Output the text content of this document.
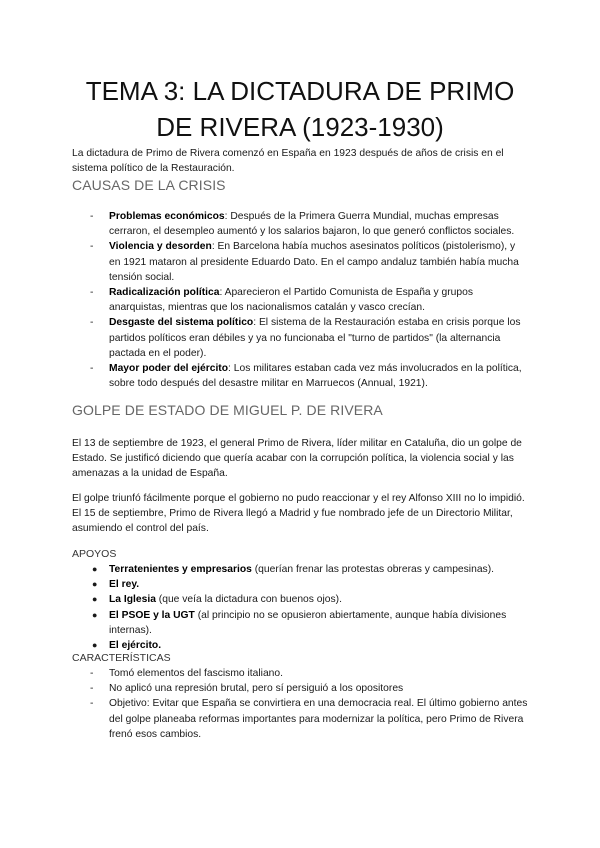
TEMA 3: LA DICTADURA DE PRIMO
DE RIVERA (1923-1930)

La dictadura de Primo de Rivera comenzó en España en 1923 después de años de crisis en el sistema político de la Restauración.

CAUSAS DE LA CRISIS
- Problemas económicos: Después de la Primera Guerra Mundial, muchas empresas cerraron, el desempleo aumentó y los salarios bajaron, lo que generó conflictos sociales.
- Violencia y desorden: En Barcelona había muchos asesinatos políticos (pistolerismo), y en 1921 mataron al presidente Eduardo Dato. En el campo andaluz también había mucha tensión social.
- Radicalización política: Aparecieron el Partido Comunista de España y grupos anarquistas, mientras que los nacionalismos catalán y vasco crecían.
- Desgaste del sistema político: El sistema de la Restauración estaba en crisis porque los partidos políticos eran débiles y ya no funcionaba el "turno de partidos" (la alternancia pactada en el poder).
- Mayor poder del ejército: Los militares estaban cada vez más involucrados en la política, sobre todo después del desastre militar en Marruecos (Annual, 1921).
GOLPE DE ESTADO DE MIGUEL P. DE RIVERA

El 13 de septiembre de 1923, el general Primo de Rivera, líder militar en Cataluña, dio un golpe de Estado. Se justificó diciendo que quería acabar con la corrupción política, la violencia social y las amenazas a la unidad de España.

El golpe triunfó fácilmente porque el gobierno no pudo reaccionar y el rey Alfonso XIII no lo impidió. El 15 de septiembre, Primo de Rivera llegó a Madrid y fue nombrado jefe de un Directorio Militar, asumiendo el control del país.

APOYOS
● Terratenientes y empresarios (querían frenar las protestas obreras y campesinas).
● El rey.
● La Iglesia (que veía la dictadura con buenos ojos).
● El PSOE y la UGT (al principio no se opusieron abiertamente, aunque había divisiones internas).
● El ejército.
CARACTERÍSTICAS
- Tomó elementos del fascismo italiano.
- No aplicó una represión brutal, pero sí persiguió a los opositores
- Objetivo: Evitar que España se convirtiera en una democracia real. El último gobierno antes del golpe planeaba reformas importantes para modernizar la política, pero Primo de Rivera frenó esos cambios.
